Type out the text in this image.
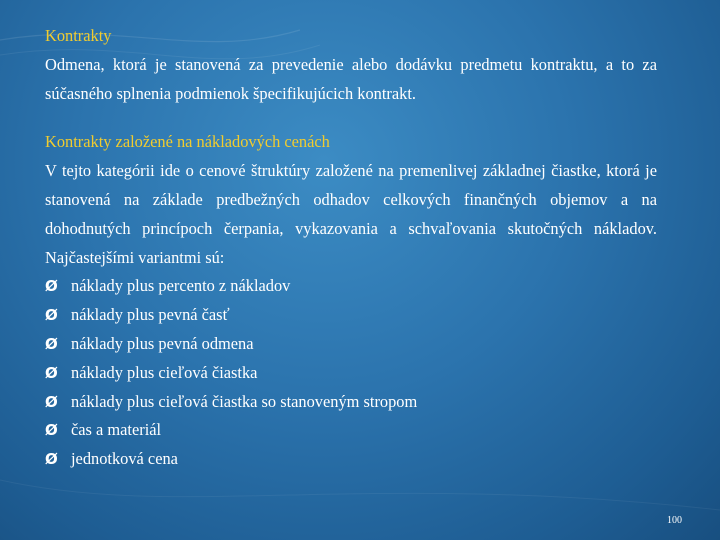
Kontrakty

Odmena, ktorá je stanovená za prevedenie alebo dodávku predmetu kontraktu, a to za súčasného splnenia podmienok špecifikujúcich kontrakt.

Kontrakty založené na nákladových cenách

V tejto kategórii ide o cenové štruktúry založené na premenlivej základnej čiastke, ktorá je stanovená na základe predbežných odhadov celkových finančných objemov a na dohodnutých princípoch čerpania, vykazovania a schvaľovania skutočných nákladov. Najčastejšími variantmi sú:

Ø náklady plus percento z nákladov
Ø náklady plus pevná časť
Ø náklady plus pevná odmena
Ø náklady plus cieľová čiastka
Ø náklady plus cieľová čiastka so stanoveným stropom
Ø čas a materiál
Ø jednotková cena
100
